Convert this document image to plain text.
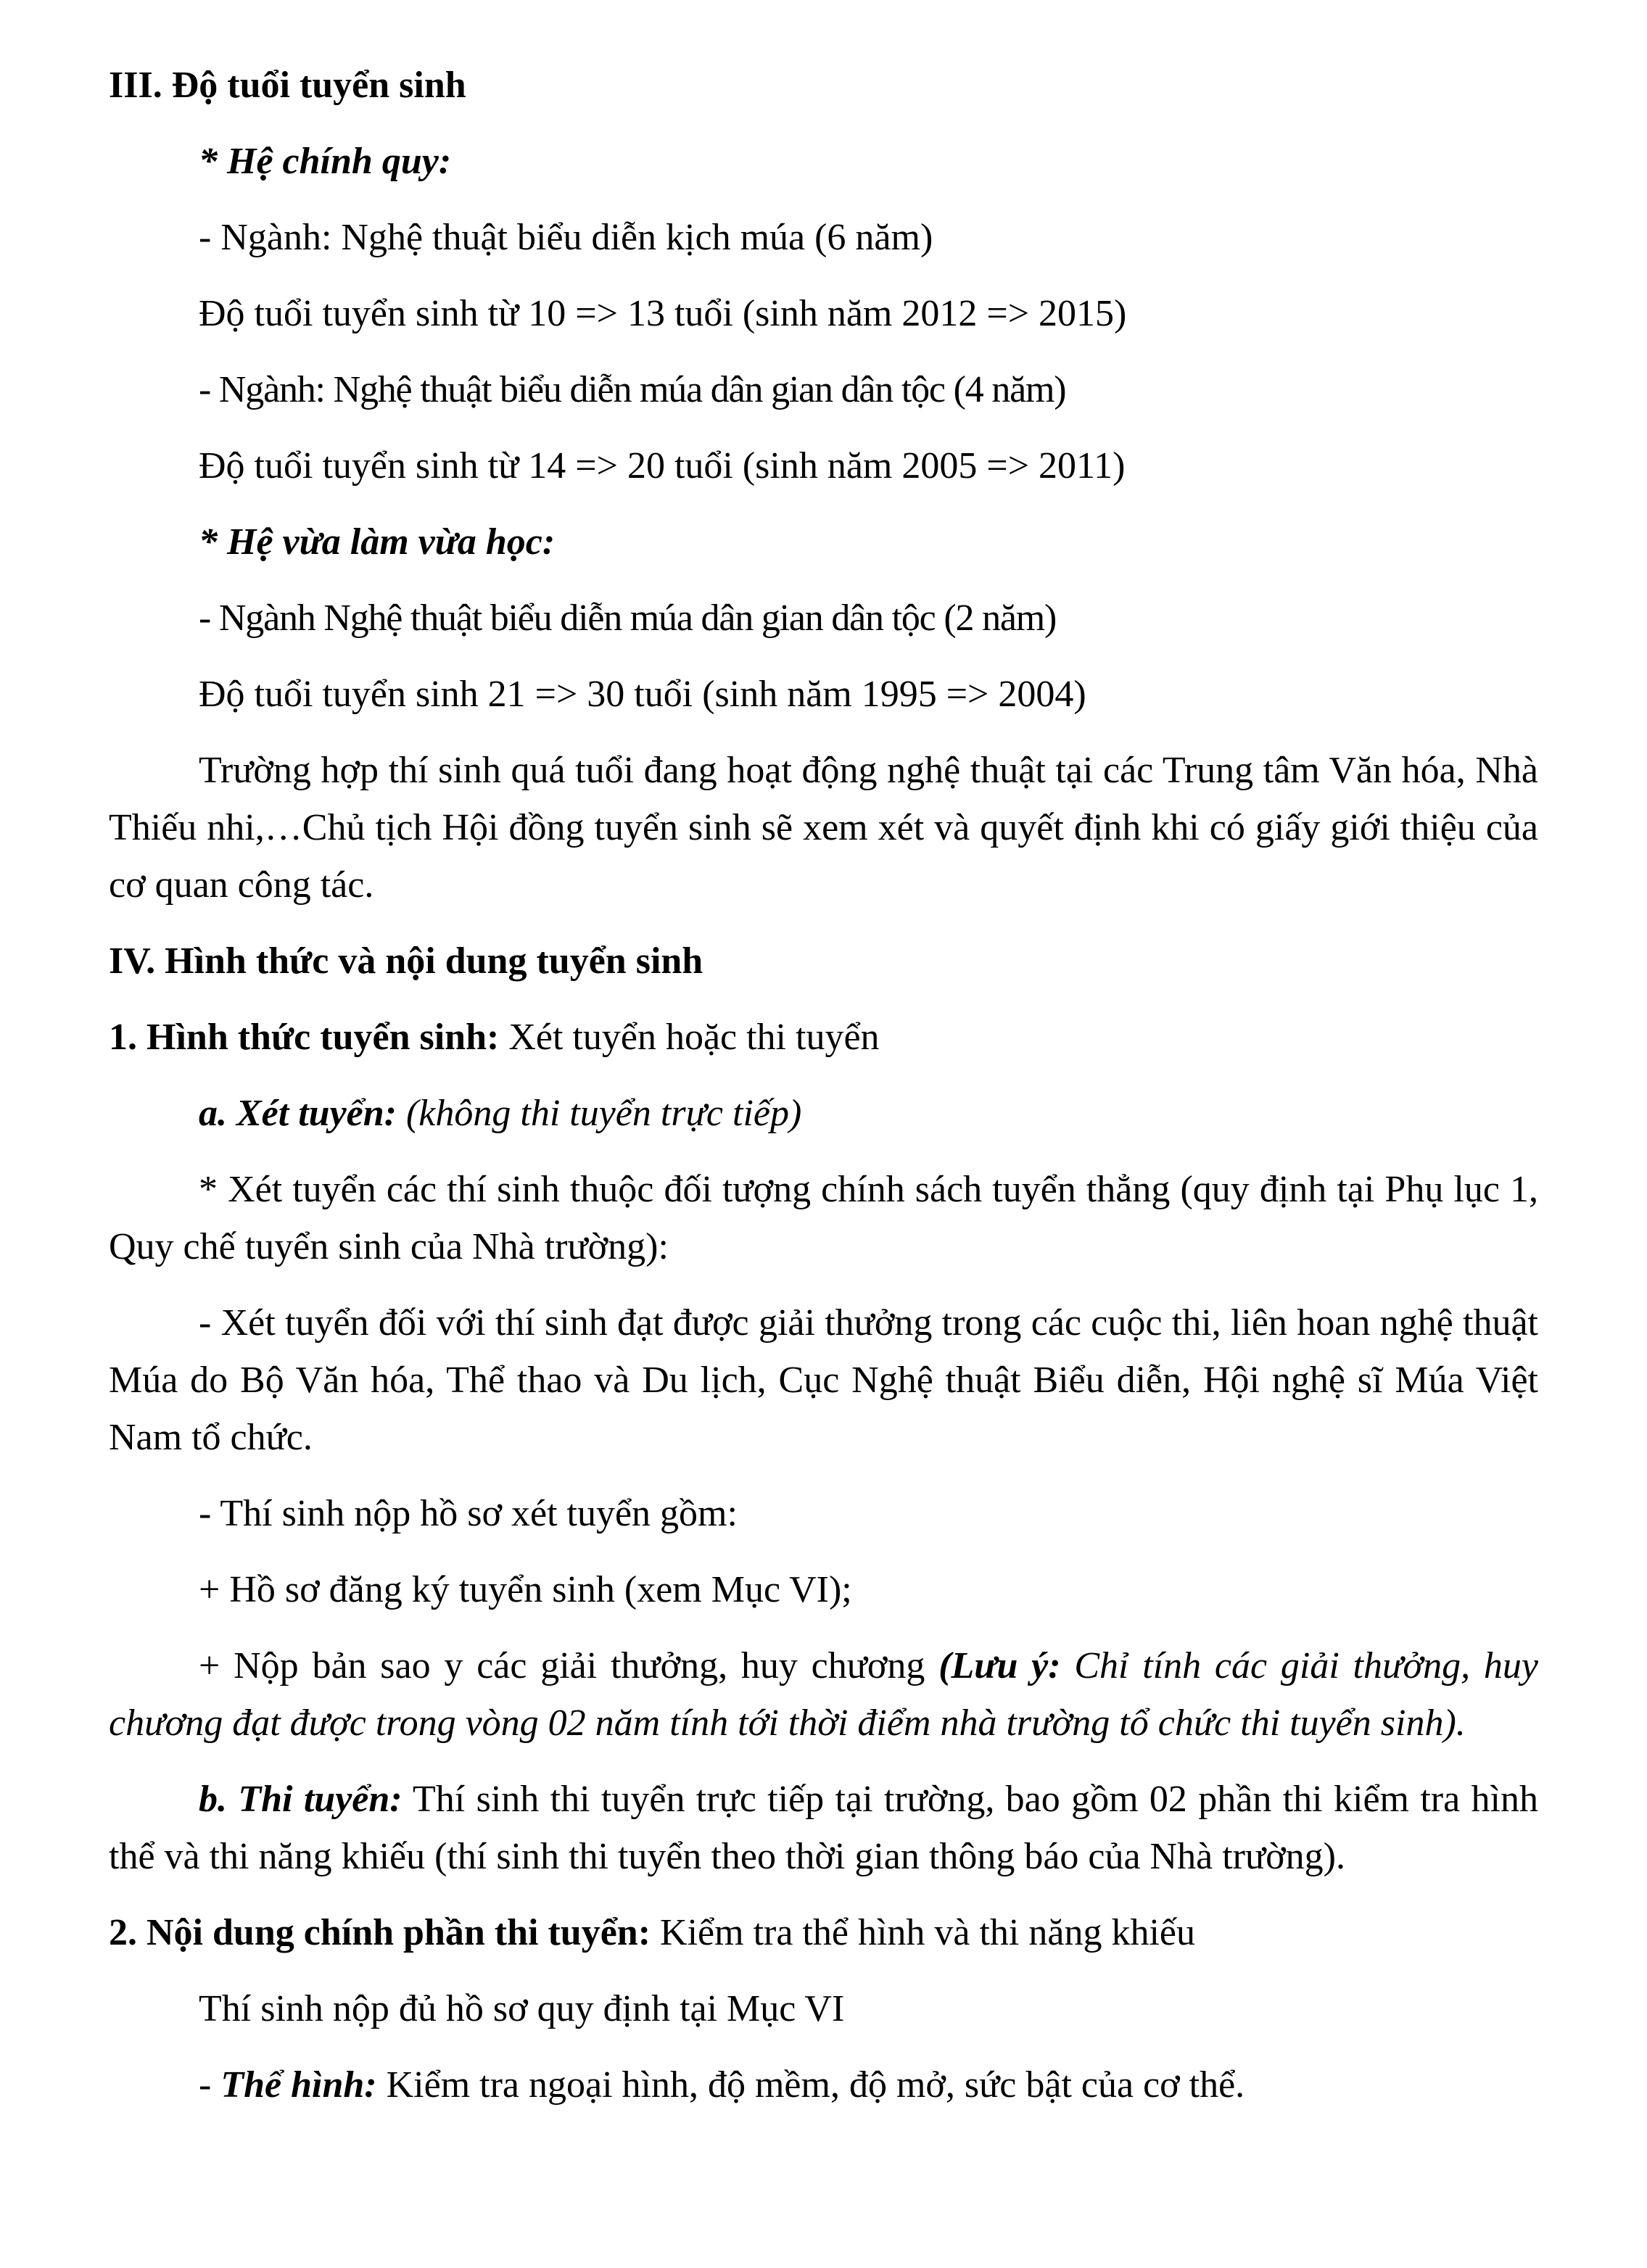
III. Độ tuổi tuyển sinh
* Hệ chính quy:
- Ngành: Nghệ thuật biểu diễn kịch múa (6 năm)
Độ tuổi tuyển sinh từ 10 => 13 tuổi (sinh năm 2012 => 2015)
- Ngành: Nghệ thuật biểu diễn múa dân gian dân tộc (4 năm)
Độ tuổi tuyển sinh từ 14 => 20 tuổi (sinh năm 2005 => 2011)
* Hệ vừa làm vừa học:
- Ngành Nghệ thuật biểu diễn múa dân gian dân tộc (2 năm)
Độ tuổi tuyển sinh 21 => 30 tuổi (sinh năm 1995 => 2004)
Trường hợp thí sinh quá tuổi đang hoạt động nghệ thuật tại các Trung tâm Văn hóa, Nhà Thiếu nhi,…Chủ tịch Hội đồng tuyển sinh sẽ xem xét và quyết định khi có giấy giới thiệu của cơ quan công tác.
IV. Hình thức và nội dung tuyển sinh
1. Hình thức tuyển sinh: Xét tuyển hoặc thi tuyển
a. Xét tuyển: (không thi tuyển trực tiếp)
* Xét tuyển các thí sinh thuộc đối tượng chính sách tuyển thẳng (quy định tại Phụ lục 1, Quy chế tuyển sinh của Nhà trường):
- Xét tuyển đối với thí sinh đạt được giải thưởng trong các cuộc thi, liên hoan nghệ thuật Múa do Bộ Văn hóa, Thể thao và Du lịch, Cục Nghệ thuật Biểu diễn, Hội nghệ sĩ Múa Việt Nam tổ chức.
- Thí sinh nộp hồ sơ xét tuyển gồm:
+ Hồ sơ đăng ký tuyển sinh (xem Mục VI);
+ Nộp bản sao y các giải thưởng, huy chương (Lưu ý: Chỉ tính các giải thưởng, huy chương đạt được trong vòng 02 năm tính tới thời điểm nhà trường tổ chức thi tuyển sinh).
b. Thi tuyển: Thí sinh thi tuyển trực tiếp tại trường, bao gồm 02 phần thi kiểm tra hình thể và thi năng khiếu (thí sinh thi tuyển theo thời gian thông báo của Nhà trường).
2. Nội dung chính phần thi tuyển: Kiểm tra thể hình và thi năng khiếu
Thí sinh nộp đủ hồ sơ quy định tại Mục VI
- Thể hình: Kiểm tra ngoại hình, độ mềm, độ mở, sức bật của cơ thể.
